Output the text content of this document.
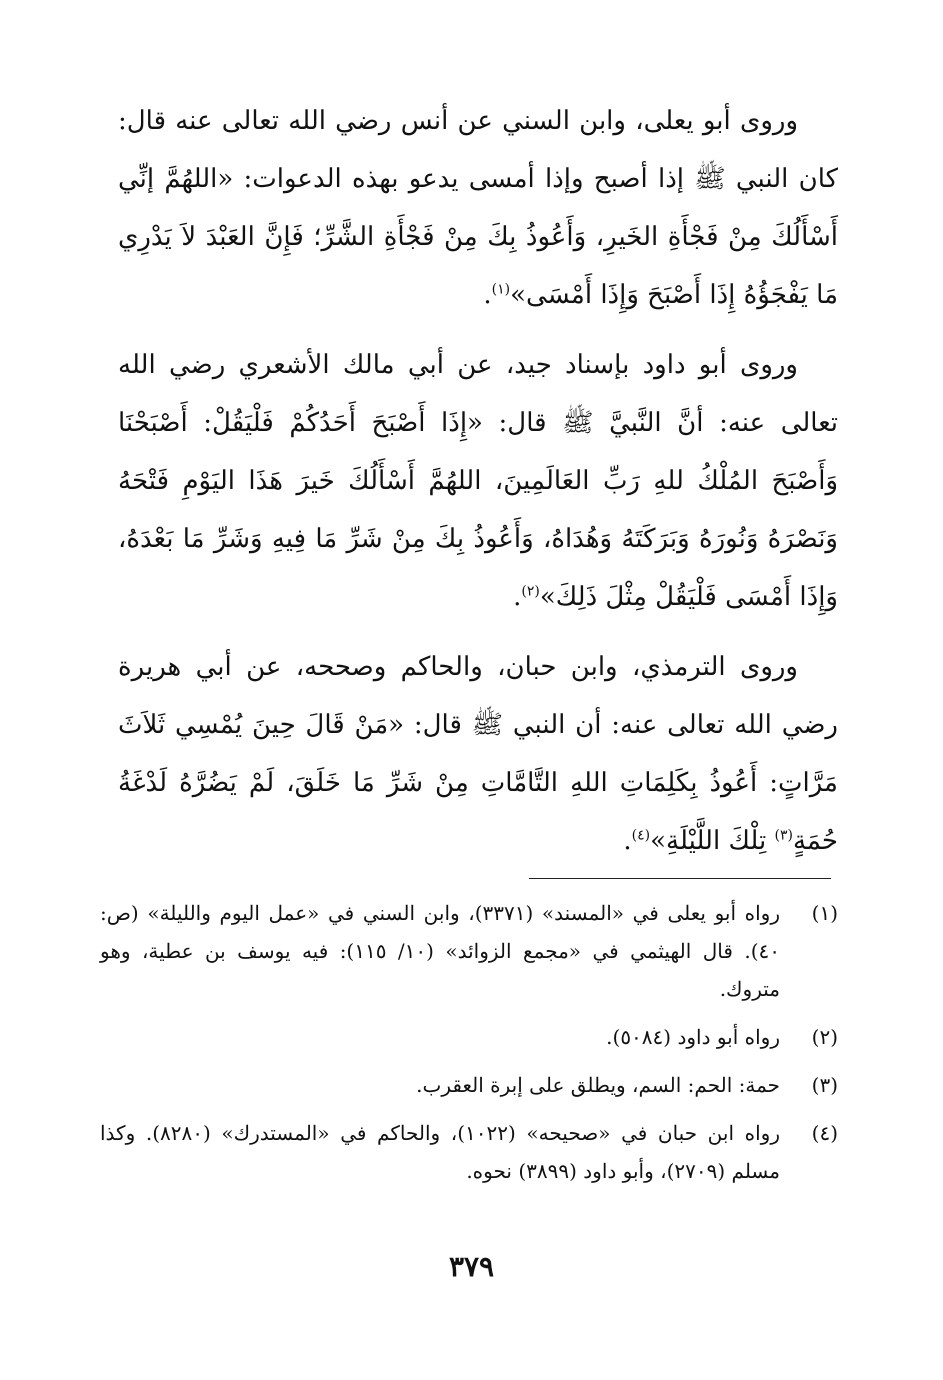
وروى أبو يعلى، وابن السني عن أنس رضي الله تعالى عنه قال: كان النبي ﷺ إذا أصبح وإذا أمسى يدعو بهذه الدعوات: «اللهُمَّ إنِّي أَسْأَلُكَ مِنْ فَجْأَةِ الخَيرِ، وَأَعُوذُ بِكَ مِنْ فَجْأَةِ الشَّرِّ؛ فَإِنَّ العَبْدَ لاَ يَدْرِي مَا يَفْجَؤُهُ إِذَا أَصْبَحَ وَإِذَا أَمْسَى»$^{(١)}$.

وروى أبو داود بإسناد جيد، عن أبي مالك الأشعري رضي الله تعالى عنه: أنَّ النَّبيَّ ﷺ قال: «إِذَا أَصْبَحَ أَحَدُكُمْ فَلْيَقُلْ: أَصْبَحْنَا وَأَصْبَحَ المُلْكُ للهِ رَبِّ العَالَمِينَ، اللهُمَّ أَسْأَلُكَ خَيرَ هَذَا اليَوْمِ فَتْحَهُ وَنَصْرَهُ وَنُورَهُ وَبَرَكَتَهُ وَهُدَاهُ، وَأَعُوذُ بِكَ مِنْ شَرِّ مَا فِيهِ وَشَرِّ مَا بَعْدَهُ، وَإِذَا أَمْسَى فَلْيَقُلْ مِثْلَ ذَلِكَ»$^{(٢)}$.

وروى الترمذي، وابن حبان، والحاكم وصححه، عن أبي هريرة رضي الله تعالى عنه: أن النبي ﷺ قال: «مَنْ قَالَ حِينَ يُمْسِي ثَلاَثَ مَرَّاتٍ: أَعُوذُ بِكَلِمَاتِ اللهِ التَّامَّاتِ مِنْ شَرِّ مَا خَلَقَ، لَمْ يَضُرَّهُ لَدْغَةُ حُمَةٍ$^{(٣)}$ تِلْكَ اللَّيْلَةِ»$^{(٤)}$.

(١)
رواه أبو يعلى في «المسند» (٣٣٧١)، وابن السني في «عمل اليوم والليلة» (ص: ٤٠). قال الهيثمي في «مجمع الزوائد» (١٠/ ١١٥): فيه يوسف بن عطية، وهو متروك.
(٢)
رواه أبو داود (٥٠٨٤).
(٣)
حمة: الحم: السم، ويطلق على إبرة العقرب.
(٤)
رواه ابن حبان في «صحيحه» (١٠٢٢)، والحاكم في «المستدرك» (٨٢٨٠). وكذا مسلم (٢٧٠٩)، وأبو داود (٣٨٩٩) نحوه.
٣٧٩
